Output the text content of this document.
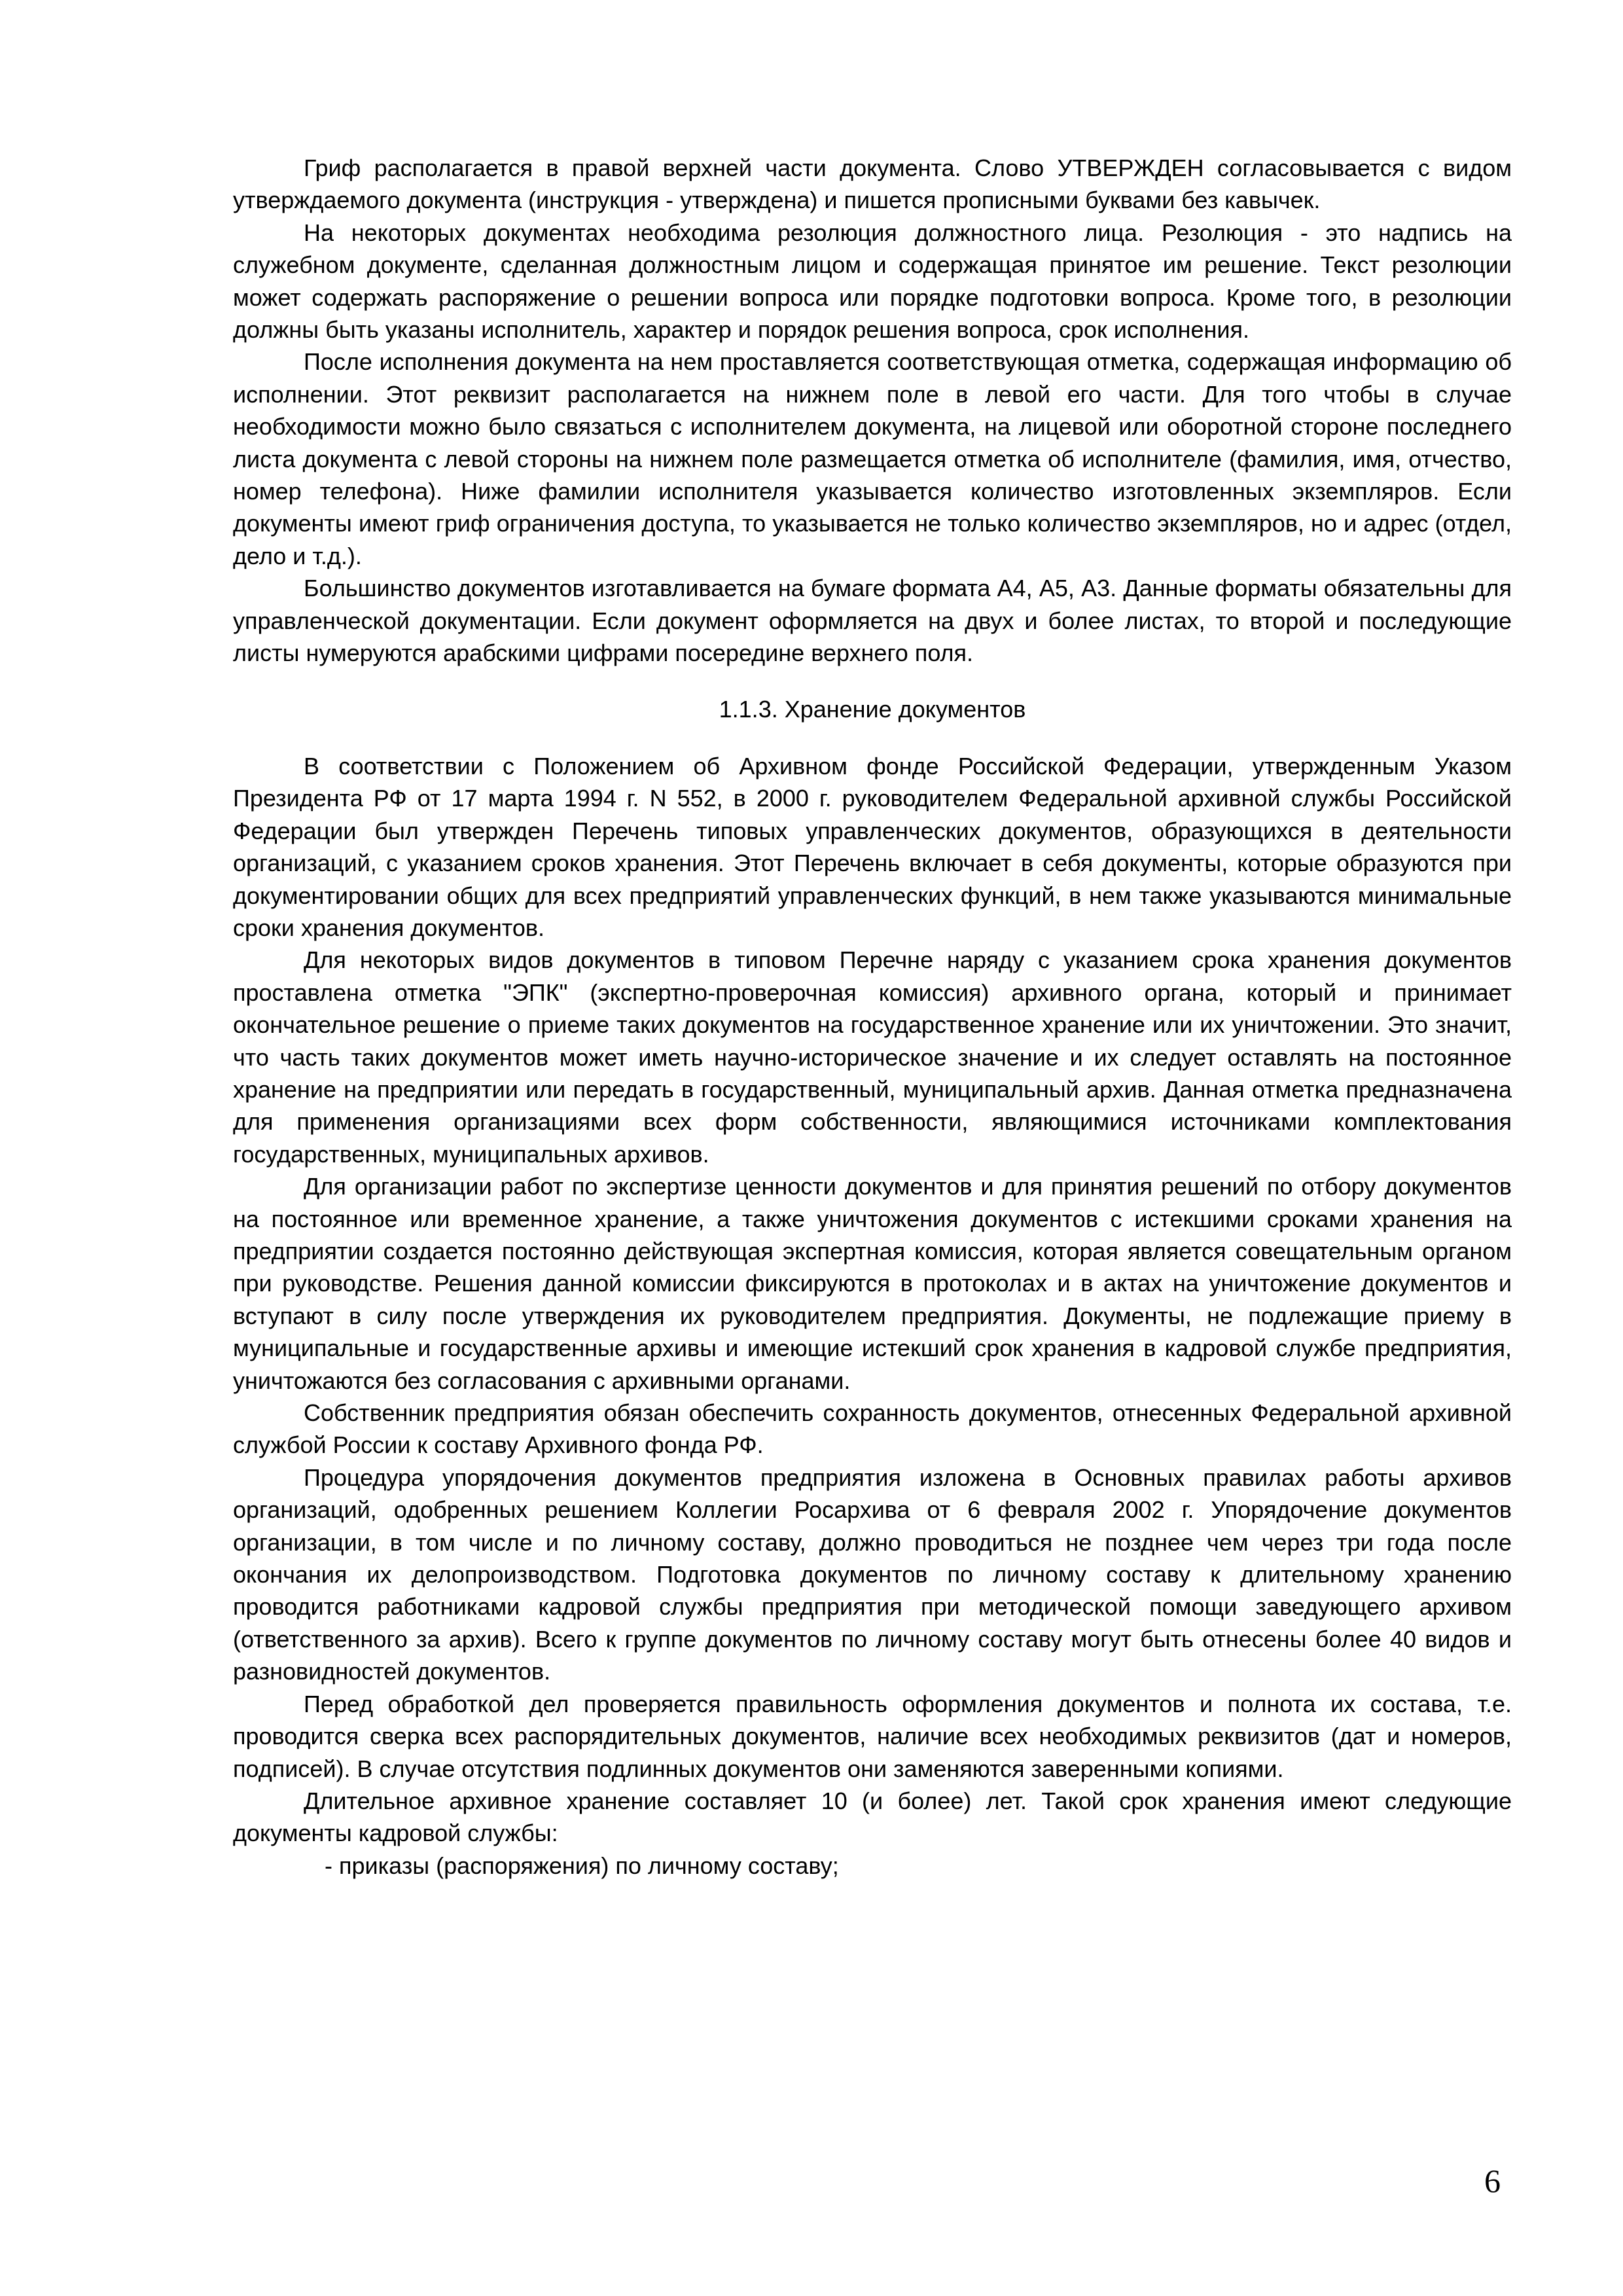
Гриф располагается в правой верхней части документа. Слово УТВЕРЖДЕН согласовывается с видом утверждаемого документа (инструкция - утверждена) и пишется прописными буквами без кавычек.

На некоторых документах необходима резолюция должностного лица. Резолюция - это надпись на служебном документе, сделанная должностным лицом и содержащая принятое им решение. Текст резолюции может содержать распоряжение о решении вопроса или порядке подготовки вопроса. Кроме того, в резолюции должны быть указаны исполнитель, характер и порядок решения вопроса, срок исполнения.

После исполнения документа на нем проставляется соответствующая отметка, содержащая информацию об исполнении. Этот реквизит располагается на нижнем поле в левой его части. Для того чтобы в случае необходимости можно было связаться с исполнителем документа, на лицевой или оборотной стороне последнего листа документа с левой стороны на нижнем поле размещается отметка об исполнителе (фамилия, имя, отчество, номер телефона). Ниже фамилии исполнителя указывается количество изготовленных экземпляров. Если документы имеют гриф ограничения доступа, то указывается не только количество экземпляров, но и адрес (отдел, дело и т.д.).

Большинство документов изготавливается на бумаге формата А4, А5, А3. Данные форматы обязательны для управленческой документации. Если документ оформляется на двух и более листах, то второй и последующие листы нумеруются арабскими цифрами посередине верхнего поля.

1.1.3. Хранение документов

В соответствии с Положением об Архивном фонде Российской Федерации, утвержденным Указом Президента РФ от 17 марта 1994 г. N 552, в 2000 г. руководителем Федеральной архивной службы Российской Федерации был утвержден Перечень типовых управленческих документов, образующихся в деятельности организаций, с указанием сроков хранения. Этот Перечень включает в себя документы, которые образуются при документировании общих для всех предприятий управленческих функций, в нем также указываются минимальные сроки хранения документов.

Для некоторых видов документов в типовом Перечне наряду с указанием срока хранения документов проставлена отметка "ЭПК" (экспертно-проверочная комиссия) архивного органа, который и принимает окончательное решение о приеме таких документов на государственное хранение или их уничтожении. Это значит, что часть таких документов может иметь научно-историческое значение и их следует оставлять на постоянное хранение на предприятии или передать в государственный, муниципальный архив. Данная отметка предназначена для применения организациями всех форм собственности, являющимися источниками комплектования государственных, муниципальных архивов.

Для организации работ по экспертизе ценности документов и для принятия решений по отбору документов на постоянное или временное хранение, а также уничтожения документов с истекшими сроками хранения на предприятии создается постоянно действующая экспертная комиссия, которая является совещательным органом при руководстве. Решения данной комиссии фиксируются в протоколах и в актах на уничтожение документов и вступают в силу после утверждения их руководителем предприятия. Документы, не подлежащие приему в муниципальные и государственные архивы и имеющие истекший срок хранения в кадровой службе предприятия, уничтожаются без согласования с архивными органами.

Собственник предприятия обязан обеспечить сохранность документов, отнесенных Федеральной архивной службой России к составу Архивного фонда РФ.

Процедура упорядочения документов предприятия изложена в Основных правилах работы архивов организаций, одобренных решением Коллегии Росархива от 6 февраля 2002 г. Упорядочение документов организации, в том числе и по личному составу, должно проводиться не позднее чем через три года после окончания их делопроизводством. Подготовка документов по личному составу к длительному хранению проводится работниками кадровой службы предприятия при методической помощи заведующего архивом (ответственного за архив). Всего к группе документов по личному составу могут быть отнесены более 40 видов и разновидностей документов.

Перед обработкой дел проверяется правильность оформления документов и полнота их состава, т.е. проводится сверка всех распорядительных документов, наличие всех необходимых реквизитов (дат и номеров, подписей). В случае отсутствия подлинных документов они заменяются заверенными копиями.

Длительное архивное хранение составляет 10 (и более) лет. Такой срок хранения имеют следующие документы кадровой службы:

- приказы (распоряжения) по личному составу;

6
